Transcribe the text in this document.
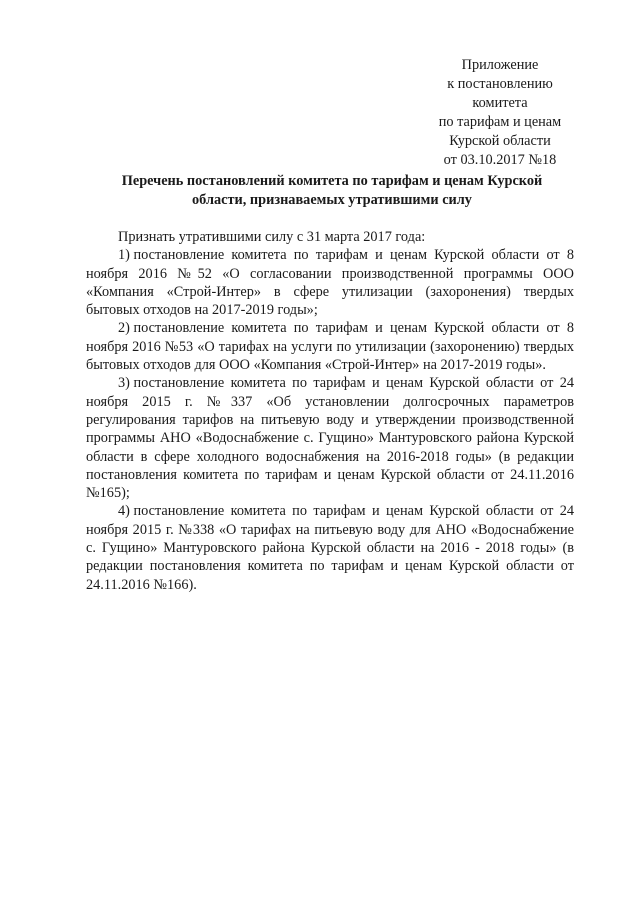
Приложение
к постановлению
комитета
по тарифам и ценам
Курской области
от 03.10.2017 №18
Перечень постановлений комитета по тарифам и ценам Курской
области, признаваемых утратившими силу

Признать утратившими силу с 31 марта 2017 года:

1) постановление комитета по тарифам и ценам Курской области от 8 ноября 2016 №52 «О согласовании производственной программы ООО «Компания «Строй-Интер» в сфере утилизации (захоронения) твердых бытовых отходов на 2017-2019 годы»;

2) постановление комитета по тарифам и ценам Курской области от 8 ноября 2016 №53 «О тарифах на услуги по утилизации (захоронению) твердых бытовых отходов для ООО «Компания «Строй-Интер» на 2017-2019 годы».

3) постановление комитета по тарифам и ценам Курской области от 24 ноября 2015 г. №337 «Об установлении долгосрочных параметров регулирования тарифов на питьевую воду и утверждении производственной программы АНО «Водоснабжение с. Гущино» Мантуровского района Курской области в сфере холодного водоснабжения на 2016-2018 годы» (в редакции постановления комитета по тарифам и ценам Курской области от 24.11.2016 №165);

4) постановление комитета по тарифам и ценам Курской области от 24 ноября 2015 г. №338 «О тарифах на питьевую воду для АНО «Водоснабжение с. Гущино» Мантуровского района Курской области на 2016 - 2018 годы» (в редакции постановления комитета по тарифам и ценам Курской области от 24.11.2016 №166).
